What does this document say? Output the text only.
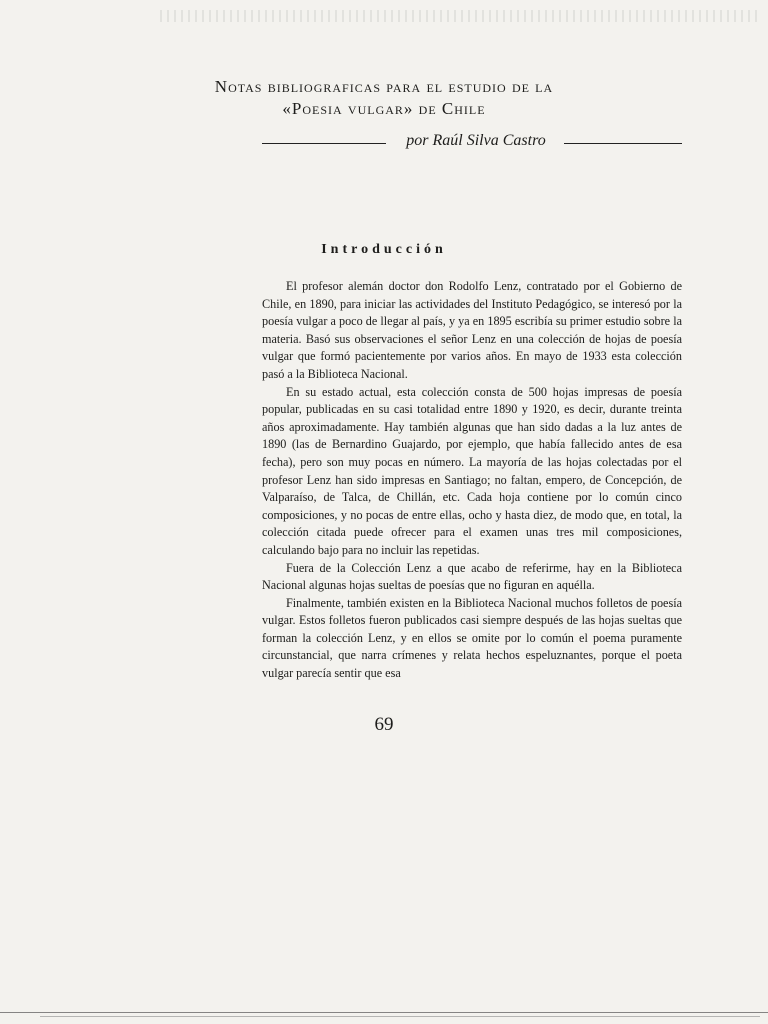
Notas bibliograficas para el estudio de la
«Poesia vulgar» de Chile
por Raúl Silva Castro
Introducción

El profesor alemán doctor don Rodolfo Lenz, contratado por el Gobierno de Chile, en 1890, para iniciar las actividades del Instituto Pedagógico, se interesó por la poesía vulgar a poco de llegar al país, y ya en 1895 escribía su primer estudio sobre la materia. Basó sus observaciones el señor Lenz en una colección de hojas de poesía vulgar que formó pacientemente por varios años. En mayo de 1933 esta colección pasó a la Biblioteca Nacional.

En su estado actual, esta colección consta de 500 hojas impresas de poesía popular, publicadas en su casi totalidad entre 1890 y 1920, es decir, durante treinta años aproximadamente. Hay también algunas que han sido dadas a la luz antes de 1890 (las de Bernardino Guajardo, por ejemplo, que había fallecido antes de esa fecha), pero son muy pocas en número. La mayoría de las hojas colectadas por el profesor Lenz han sido impresas en Santiago; no faltan, empero, de Concepción, de Valparaíso, de Talca, de Chillán, etc. Cada hoja contiene por lo común cinco composiciones, y no pocas de entre ellas, ocho y hasta diez, de modo que, en total, la colección citada puede ofrecer para el examen unas tres mil composiciones, calculando bajo para no incluir las repetidas.

Fuera de la Colección Lenz a que acabo de referirme, hay en la Biblioteca Nacional algunas hojas sueltas de poesías que no figuran en aquélla.

Finalmente, también existen en la Biblioteca Nacional muchos folletos de poesía vulgar. Estos folletos fueron publicados casi siempre después de las hojas sueltas que forman la colección Lenz, y en ellos se omite por lo común el poema puramente circunstancial, que narra crímenes y relata hechos espeluznantes, porque el poeta vulgar parecía sentir que esa

69
